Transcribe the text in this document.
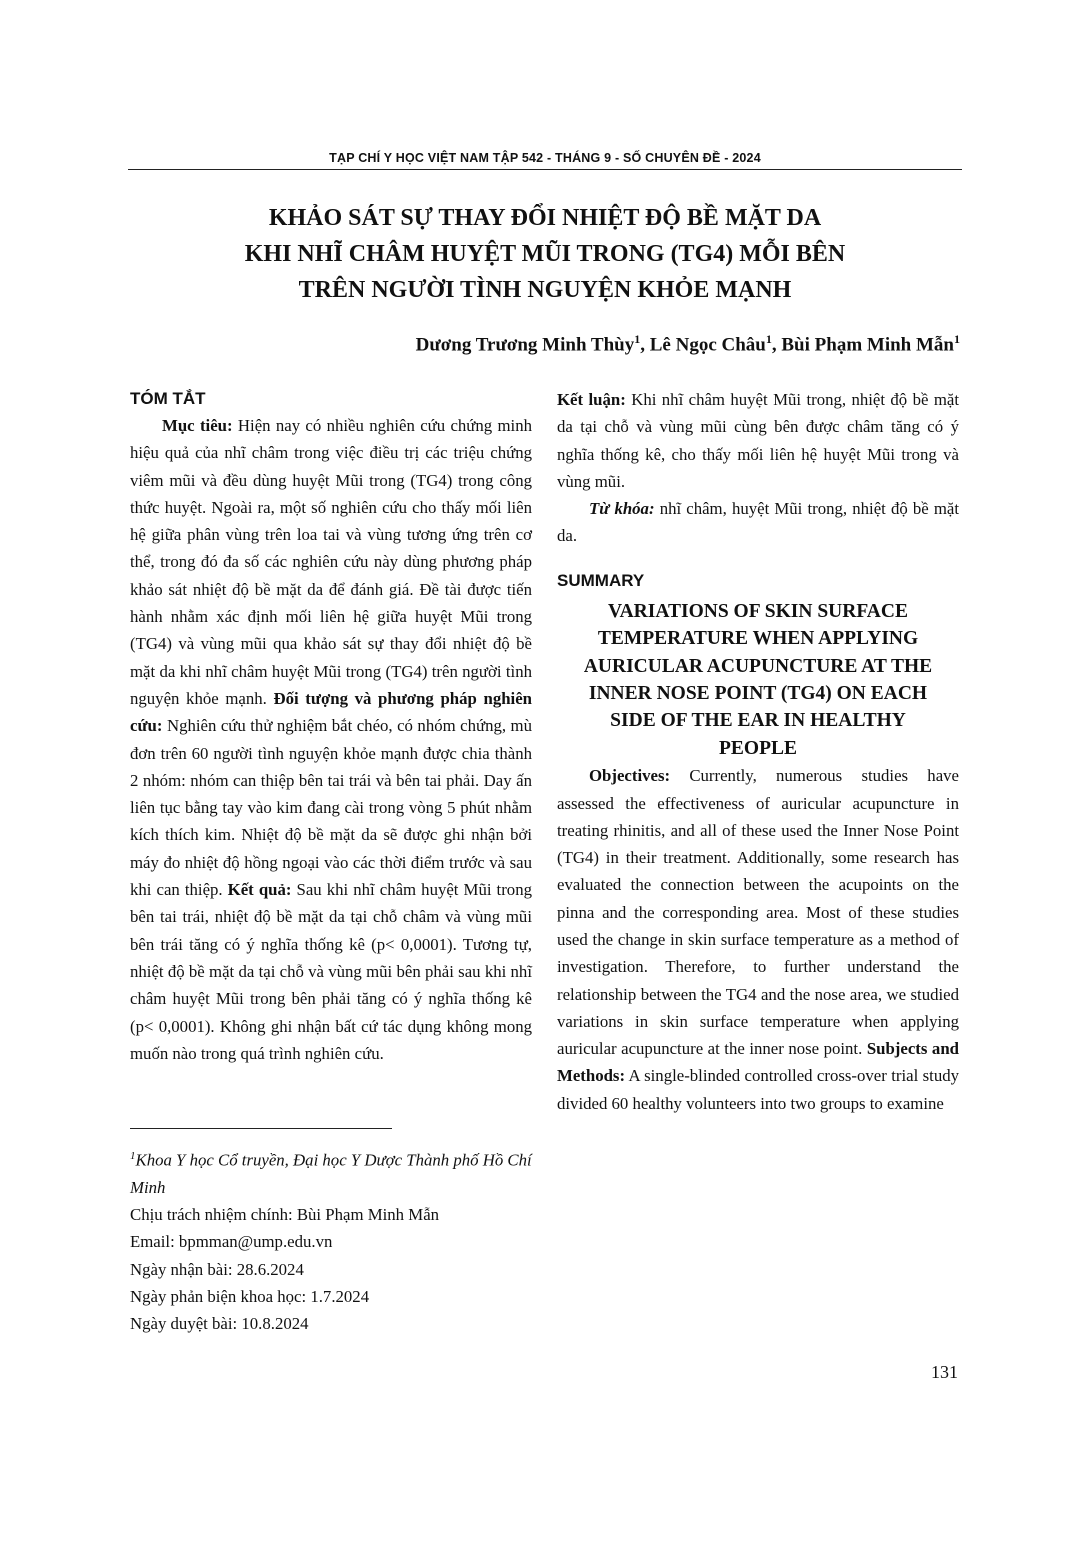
TẠP CHÍ Y HỌC VIỆT NAM TẬP 542 - THÁNG 9 - SỐ CHUYÊN ĐỀ - 2024
KHẢO SÁT SỰ THAY ĐỔI NHIỆT ĐỘ BỀ MẶT DA
KHI NHĨ CHÂM HUYỆT MŨI TRONG (TG4) MỖI BÊN
TRÊN NGƯỜI TÌNH NGUYỆN KHỎE MẠNH
Dương Trương Minh Thùy$^1$, Lê Ngọc Châu$^1$, Bùi Phạm Minh Mẫn$^1$
TÓM TẮT

Mục tiêu: Hiện nay có nhiều nghiên cứu chứng minh hiệu quả của nhĩ châm trong việc điều trị các triệu chứng viêm mũi và đều dùng huyệt Mũi trong (TG4) trong công thức huyệt. Ngoài ra, một số nghiên cứu cho thấy mối liên hệ giữa phân vùng trên loa tai và vùng tương ứng trên cơ thể, trong đó đa số các nghiên cứu này dùng phương pháp khảo sát nhiệt độ bề mặt da để đánh giá. Đề tài được tiến hành nhằm xác định mối liên hệ giữa huyệt Mũi trong (TG4) và vùng mũi qua khảo sát sự thay đổi nhiệt độ bề mặt da khi nhĩ châm huyệt Mũi trong (TG4) trên người tình nguyện khỏe mạnh. Đối tượng và phương pháp nghiên cứu: Nghiên cứu thử nghiệm bắt chéo, có nhóm chứng, mù đơn trên 60 người tình nguyện khỏe mạnh được chia thành 2 nhóm: nhóm can thiệp bên tai trái và bên tai phải. Day ấn liên tục bằng tay vào kim đang cài trong vòng 5 phút nhằm kích thích kim. Nhiệt độ bề mặt da sẽ được ghi nhận bởi máy đo nhiệt độ hồng ngoại vào các thời điểm trước và sau khi can thiệp. Kết quả: Sau khi nhĩ châm huyệt Mũi trong bên tai trái, nhiệt độ bề mặt da tại chỗ châm và vùng mũi bên trái tăng có ý nghĩa thống kê (p< 0,0001). Tương tự, nhiệt độ bề mặt da tại chỗ và vùng mũi bên phải sau khi nhĩ châm huyệt Mũi trong bên phải tăng có ý nghĩa thống kê (p< 0,0001). Không ghi nhận bất cứ tác dụng không mong muốn nào trong quá trình nghiên cứu.

Kết luận: Khi nhĩ châm huyệt Mũi trong, nhiệt độ bề mặt da tại chỗ và vùng mũi cùng bên được châm tăng có ý nghĩa thống kê, cho thấy mối liên hệ huyệt Mũi trong và vùng mũi.

Từ khóa: nhĩ châm, huyệt Mũi trong, nhiệt độ bề mặt da.

SUMMARY
VARIATIONS OF SKIN SURFACE
TEMPERATURE WHEN APPLYING
AURICULAR ACUPUNCTURE AT THE
INNER NOSE POINT (TG4) ON EACH
SIDE OF THE EAR IN HEALTHY
PEOPLE

Objectives: Currently, numerous studies have assessed the effectiveness of auricular acupuncture in treating rhinitis, and all of these used the Inner Nose Point (TG4) in their treatment. Additionally, some research has evaluated the connection between the acupoints on the pinna and the corresponding area. Most of these studies used the change in skin surface temperature as a method of investigation. Therefore, to further understand the relationship between the TG4 and the nose area, we studied variations in skin surface temperature when applying auricular acupuncture at the inner nose point. Subjects and Methods: A single-blinded controlled cross-over trial study divided 60 healthy volunteers into two groups to examine

$^1$Khoa Y học Cổ truyền, Đại học Y Dược Thành phố Hồ Chí Minh
Chịu trách nhiệm chính: Bùi Phạm Minh Mẫn
Email: bpmman@ump.edu.vn
Ngày nhận bài: 28.6.2024
Ngày phản biện khoa học: 1.7.2024
Ngày duyệt bài: 10.8.2024
131
